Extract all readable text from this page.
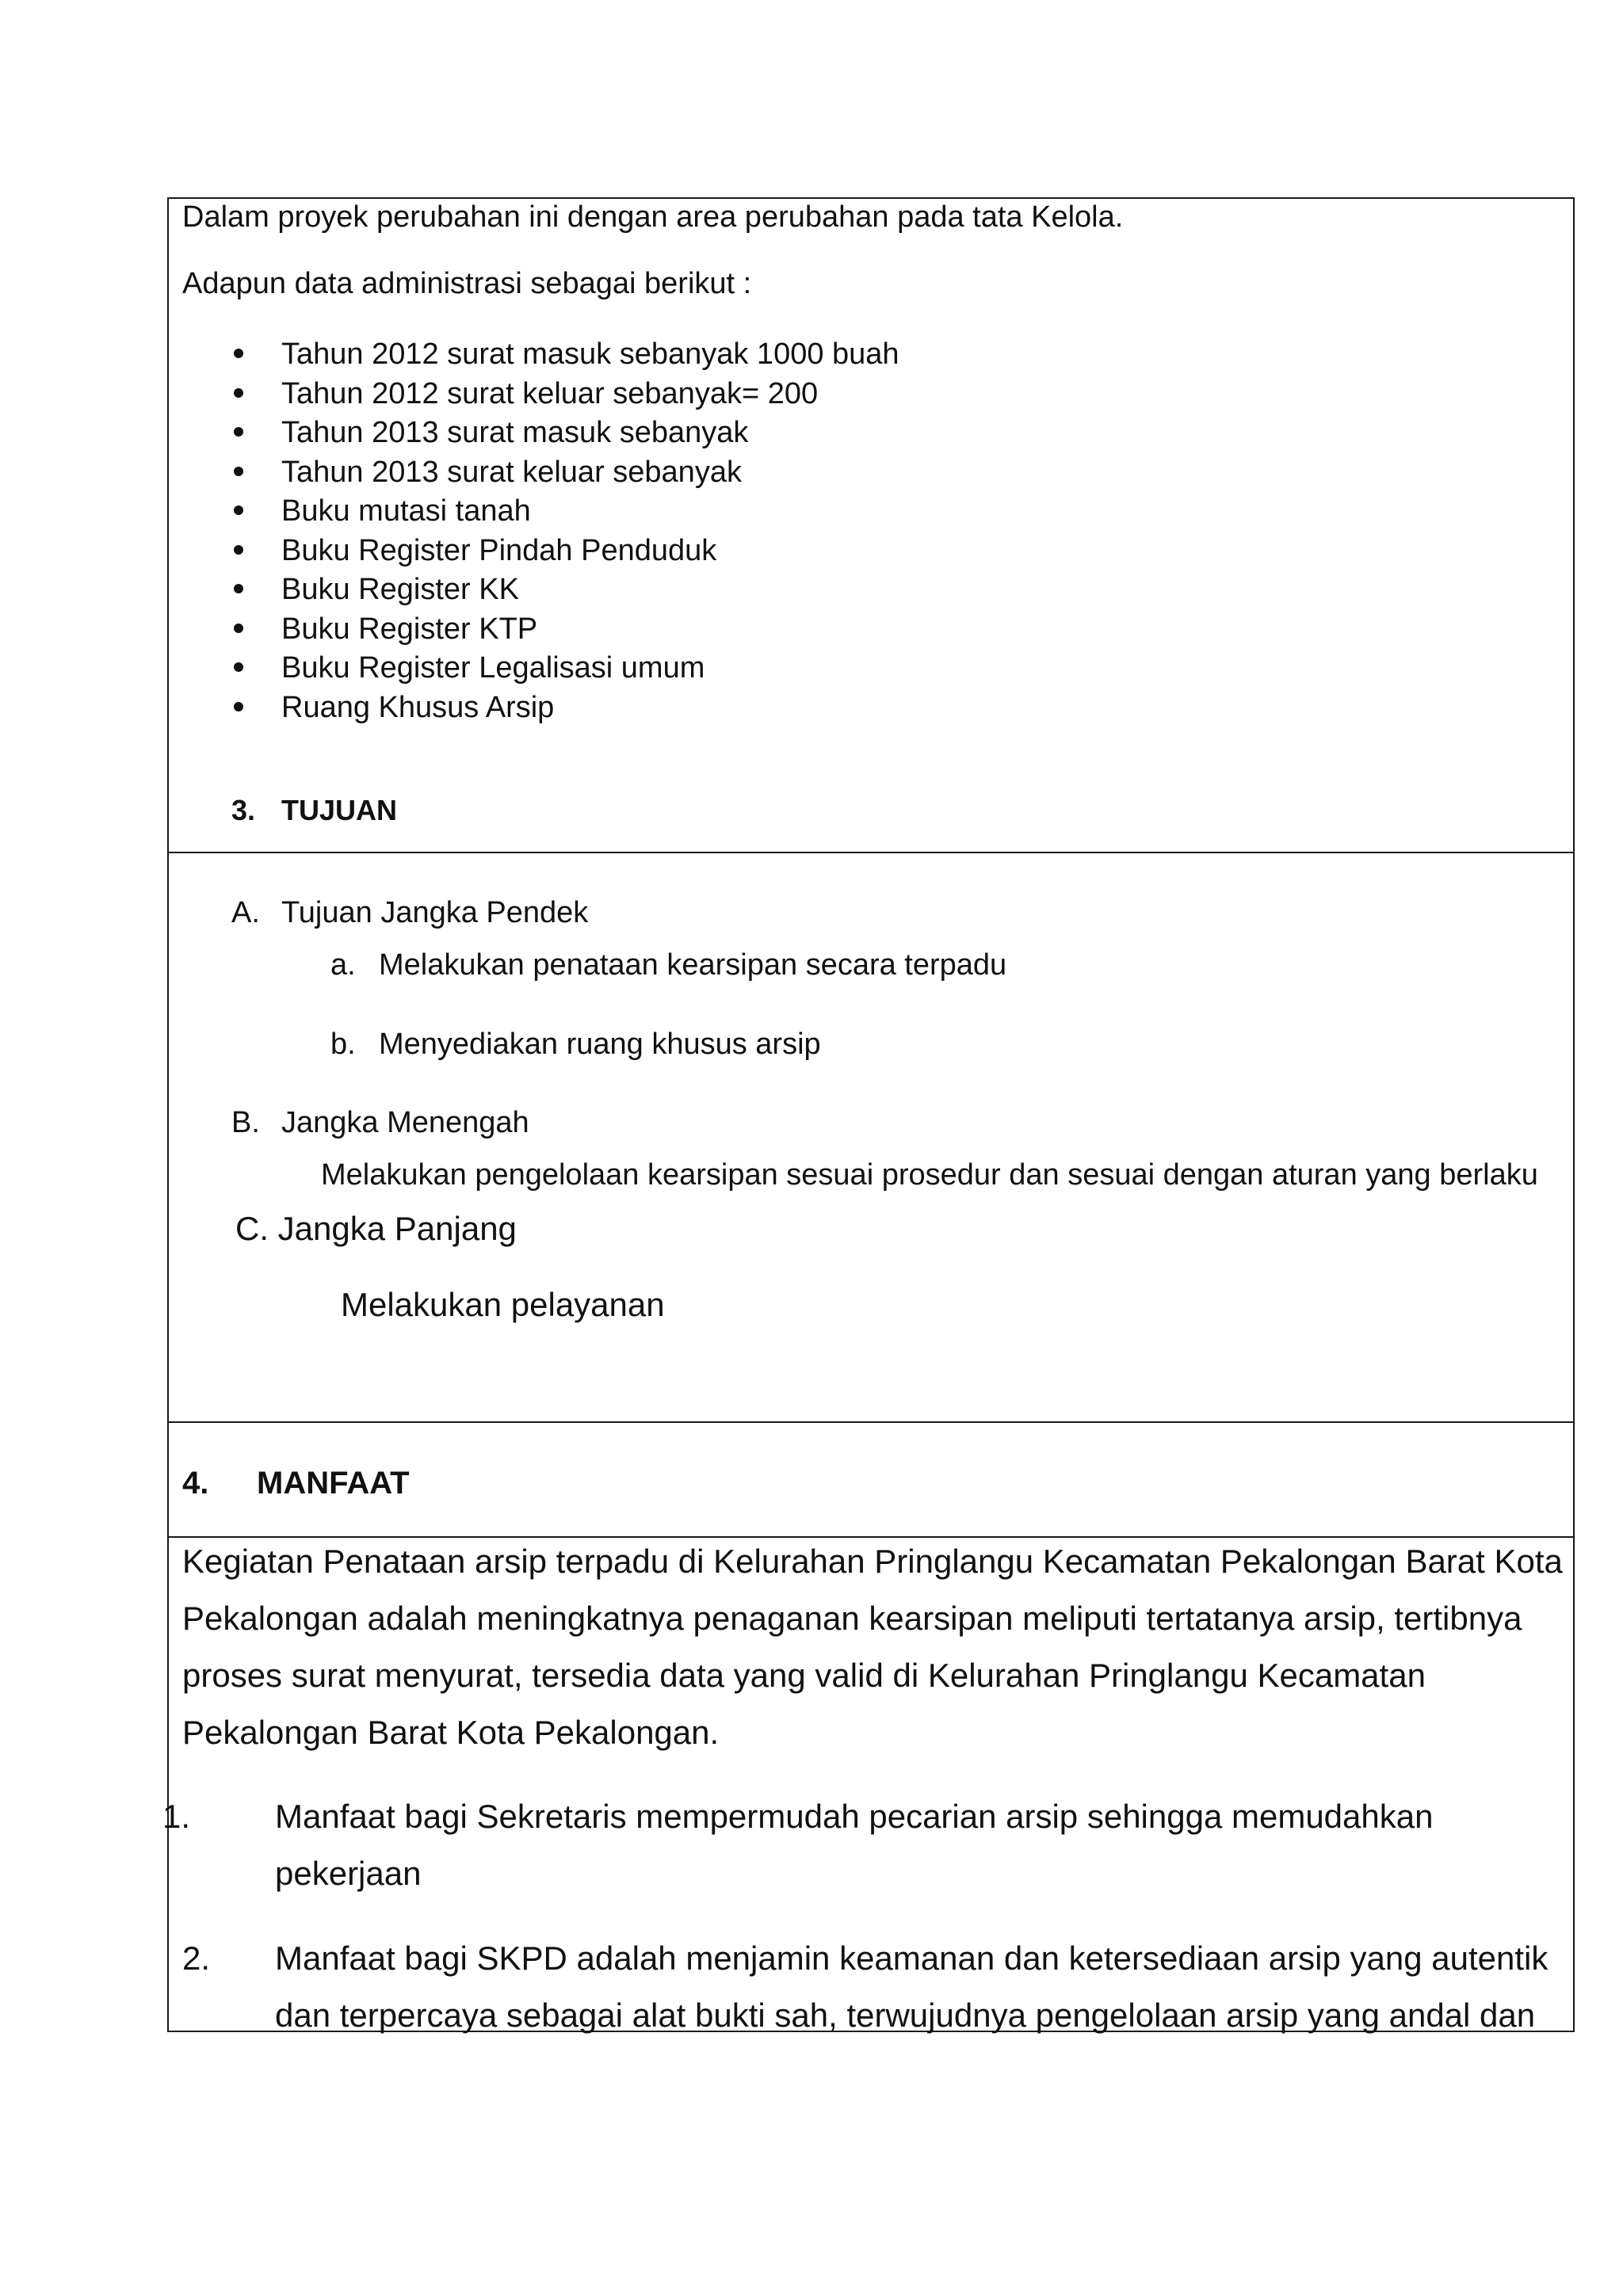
Dalam proyek perubahan ini dengan area perubahan pada tata Kelola.
Adapun data administrasi sebagai berikut :
Tahun 2012 surat masuk sebanyak 1000 buah
Tahun 2012 surat keluar sebanyak= 200
Tahun 2013 surat masuk sebanyak
Tahun 2013 surat keluar sebanyak
Buku mutasi tanah
Buku Register Pindah Penduduk
Buku Register KK
Buku Register KTP
Buku Register Legalisasi umum
Ruang Khusus Arsip
3. TUJUAN
A. Tujuan Jangka Pendek
a. Melakukan penataan kearsipan secara terpadu
b. Menyediakan ruang khusus arsip
B. Jangka Menengah
Melakukan pengelolaan kearsipan sesuai prosedur dan sesuai dengan aturan yang berlaku
C. Jangka Panjang
Melakukan pelayanan
4. MANFAAT
Kegiatan Penataan arsip terpadu di Kelurahan Pringlangu Kecamatan Pekalongan Barat Kota
Pekalongan adalah meningkatnya penaganan kearsipan meliputi tertatanya arsip, tertibnya
proses surat menyurat, tersedia data yang valid di Kelurahan Pringlangu Kecamatan
Pekalongan Barat Kota Pekalongan.
1.	Manfaat bagi Sekretaris mempermudah pecarian arsip sehingga memudahkan
pekerjaan
2. Manfaat bagi SKPD adalah menjamin keamanan dan ketersediaan arsip yang autentik
dan terpercaya sebagai alat bukti sah, terwujudnya pengelolaan arsip yang andal dan
